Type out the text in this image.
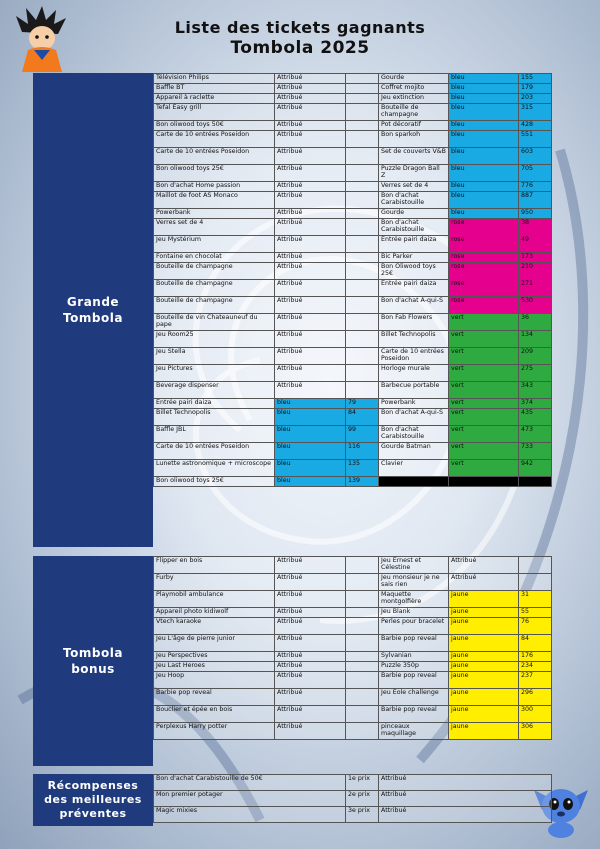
Liste des tickets gagnants
Tombola 2025
Grande
Tombola
Télévision Philips	Attribué		Gourde	bleu	155
Baffle BT	Attribué		Coffret mojito	bleu	179
Appareil à raclette	Attribué		Jeu extinction	bleu	203
Tefal Easy grill	Attribué		Bouteille de champagne	bleu	315
Bon oliwood toys 50€	Attribué		Pot décoratif	bleu	428
Carte de 10 entrées Poseidon	Attribué		Bon sparkoh	bleu	551
Carte de 10 entrées Poseidon	Attribué		Set de couverts V&B	bleu	603
Bon oliwood toys 25€	Attribué		Puzzle Dragon Ball Z	bleu	705
Bon d'achat Home passion	Attribué		Verres set de 4	bleu	776
Maillot de foot AS Monaco	Attribué		Bon d'achat Carabistouille	bleu	887
Powerbank	Attribué		Gourde	bleu	950
Verres set de 4	Attribué		Bon d'achat Carabistouille	rose	38
Jeu Mystérium	Attribué		Entrée pairi daiza	rose	49
Fontaine en chocolat	Attribué		Bic Parker	rose	173
Bouteille de champagne	Attribué		Bon Oliwood toys 25€	rose	210
Bouteille de champagne	Attribué		Entrée pairi daiza	rose	271
Bouteille de champagne	Attribué		Bon d'achat A-qui-S	rose	530
Bouteille de vin Chateauneuf du pape	Attribué		Bon Fab Flowers	vert	36
Jeu Room25	Attribué		Billet Technopolis	vert	134
Jeu Stella	Attribué		Carte de 10 entrées Poseidon	vert	209
Jeu Pictures	Attribué		Horloge murale	vert	275
Beverage dispenser	Attribué		Barbecue portable	vert	343
Entrée pairi daiza	bleu	79	Powerbank	vert	374
Billet Technopolis	bleu	84	Bon d'achat A-qui-S	vert	435
Baffle JBL	bleu	99	Bon d'achat Carabistouille	vert	473
Carte de 10 entrées Poseidon	bleu	116	Gourde Batman	vert	733
Lunette astronomique + microscope	bleu	135	Clavier	vert	942
Bon oliwood toys 25€	bleu	139			
Tombola
bonus
Flipper en bois	Attribué		Jeu Ernest et Célestine	Attribué	
Furby	Attribué		Jeu monsieur je ne sais rien	Attribué	
Playmobil ambulance	Attribué		Maquette montgolfière	jaune	31
Appareil photo kidiwolf	Attribué		Jeu Blank	jaune	55
Vtech karaoke	Attribué		Perles pour bracelet	jaune	76
Jeu L'âge de pierre junior	Attribué		Barbie pop reveal	jaune	84
Jeu Perspectives	Attribué		Sylvanian	jaune	176
Jeu Last Heroes	Attribué		Puzzle 350p	jaune	234
Jeu Hoop	Attribué		Barbie pop reveal	jaune	237
Barbie pop reveal	Attribué		Jeu Eole challenge	jaune	296
Bouclier et épée en bois	Attribué		Barbie pop reveal	jaune	300
Perplexus Harry potter	Attribué		pinceaux maquillage	jaune	306
Récompenses
des meilleures
préventes
Bon d'achat Carabistouille de 50€	1e prix	Attribué
Mon premier potager	2e prix	Attribué
Magic mixies	3e prix	Attribué
